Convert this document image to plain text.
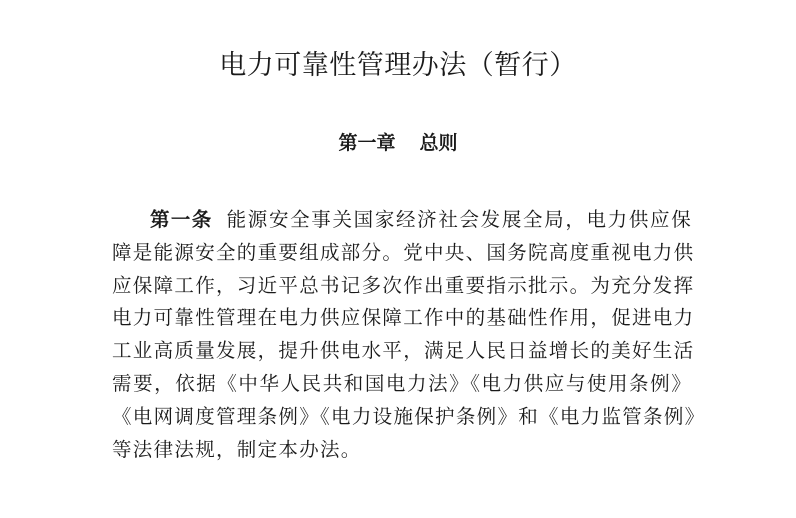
电力可靠性管理办法（暂行）
第一章 总则
第一条 能源安全事关国家经济社会发展全局，电力供应保
障是能源安全的重要组成部分。党中央、国务院高度重视电力供
应保障工作，习近平总书记多次作出重要指示批示。为充分发挥
电力可靠性管理在电力供应保障工作中的基础性作用，促进电力
工业高质量发展，提升供电水平，满足人民日益增长的美好生活
需要，依据《中华人民共和国电力法》《电力供应与使用条例》
《电网调度管理条例》《电力设施保护条例》和《电力监管条例》
等法律法规，制定本办法。
